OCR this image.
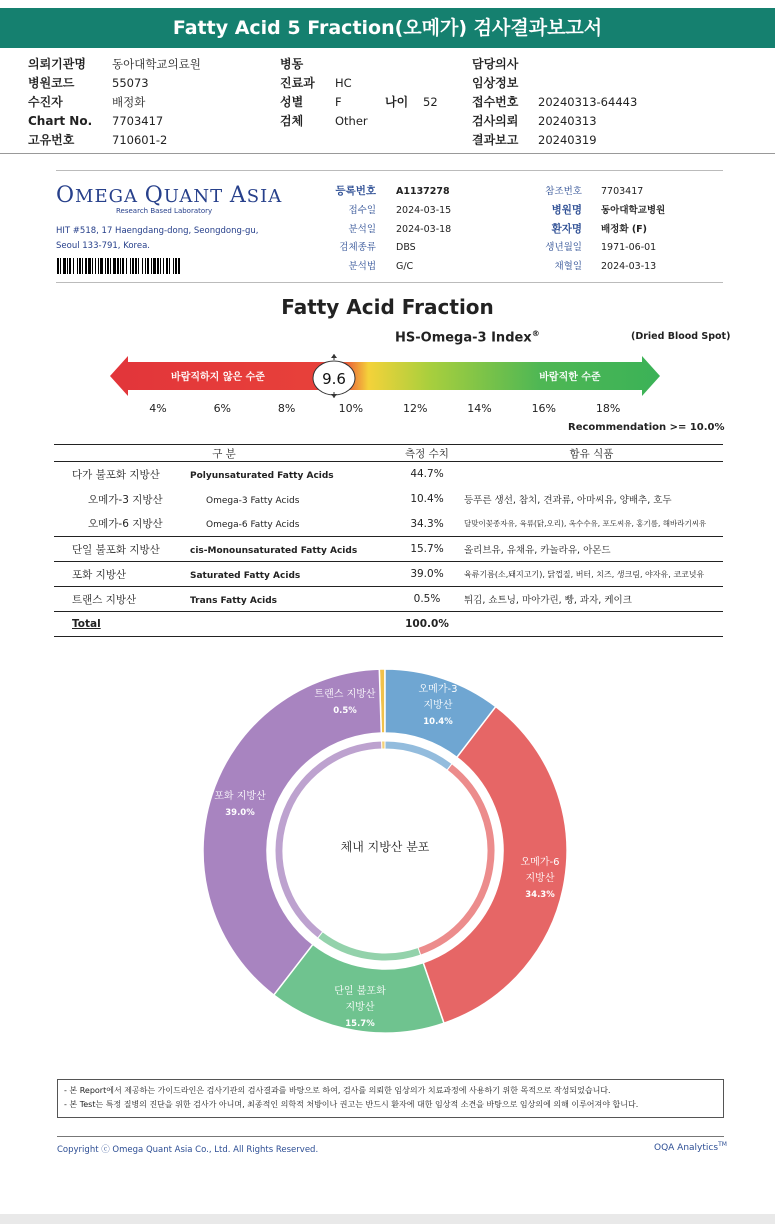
Fatty Acid 5 Fraction(오메가) 검사결과보고서
의뢰기관명	동아대학교의료원
병원코드	55073
수진자	배정화
Chart No.	7703417
고유번호	710601-2
병동
진료과	HC
성별	F	나이	52
검체	Other
담당의사
임상정보
접수번호	20240313-64443
검사의뢰	20240313
결과보고	20240319
OMEGA QUANT ASIA
Research Based Laboratory
HIT #518, 17 Haengdang-dong, Seongdong-gu, Seoul 133-791, Korea.
Fatty Acid Fraction
HS-Omega-3 Index®	(Dried Blood Spot)
바람직하지 않은 수준	바람직한 수준
9.6
4%	6%	8%	10%	12%	14%	16%	18%
Recommendation >= 10.0%
구 분	측정 수치	함유 식품
다가 불포화 지방산 Polyunsaturated Fatty Acids	44.7%	
오메가-3 지방산 Omega-3 Fatty Acids	10.4%	등푸른 생선, 참치, 견과류, 아마씨유, 양배추, 호두
오메가-6 지방산 Omega-6 Fatty Acids	34.3%	달맞이꽃종자유, 육류(닭,오리), 옥수수유, 포도씨유, 홍기름, 해바라기씨유
단일 불포화 지방산 cis-Monounsaturated Fatty Acids	15.7%	올리브유, 유채유, 카놀라유, 아몬드
포화 지방산 Saturated Fatty Acids	39.0%	육류기름(소,돼지고기), 닭껍질, 버터, 치즈, 생크림, 야자유, 코코넛유
트랜스 지방산 Trans Fatty Acids	0.5%	튀김, 쇼트닝, 마아가린, 빵, 과자, 케이크
Total	100.0%	
체내 지방산 분포
오메가-3
지방산
10.4%
오메가-6
지방산
34.3%
단일 불포화
지방산
15.7%
포화 지방산
39.0%
트랜스 지방산
0.5%
- 본 Report에서 제공하는 가이드라인은 검사기관의 검사결과를 바탕으로 하여, 검사를 의뢰한 임상의가 치료과정에 사용하기 위한 목적으로 작성되었습니다.
- 본 Test는 특정 질병의 진단을 위한 검사가 아니며, 최종적인 의학적 처방이나 권고는 반드시 환자에 대한 임상적 소견을 바탕으로 임상의에 의해 이루어져야 합니다.
Copyright ⓒ Omega Quant Asia Co., Ltd. All Rights Reserved.	OQA Analytics™
등록번호 A1137278
접수일 2024-03-15
분석일 2024-03-18
검체종류 DBS
분석법 G/C
참조번호 7703417
병원명 동아대학교병원
환자명 배정화 (F)
생년월일 1971-06-01
채혈일 2024-03-13
